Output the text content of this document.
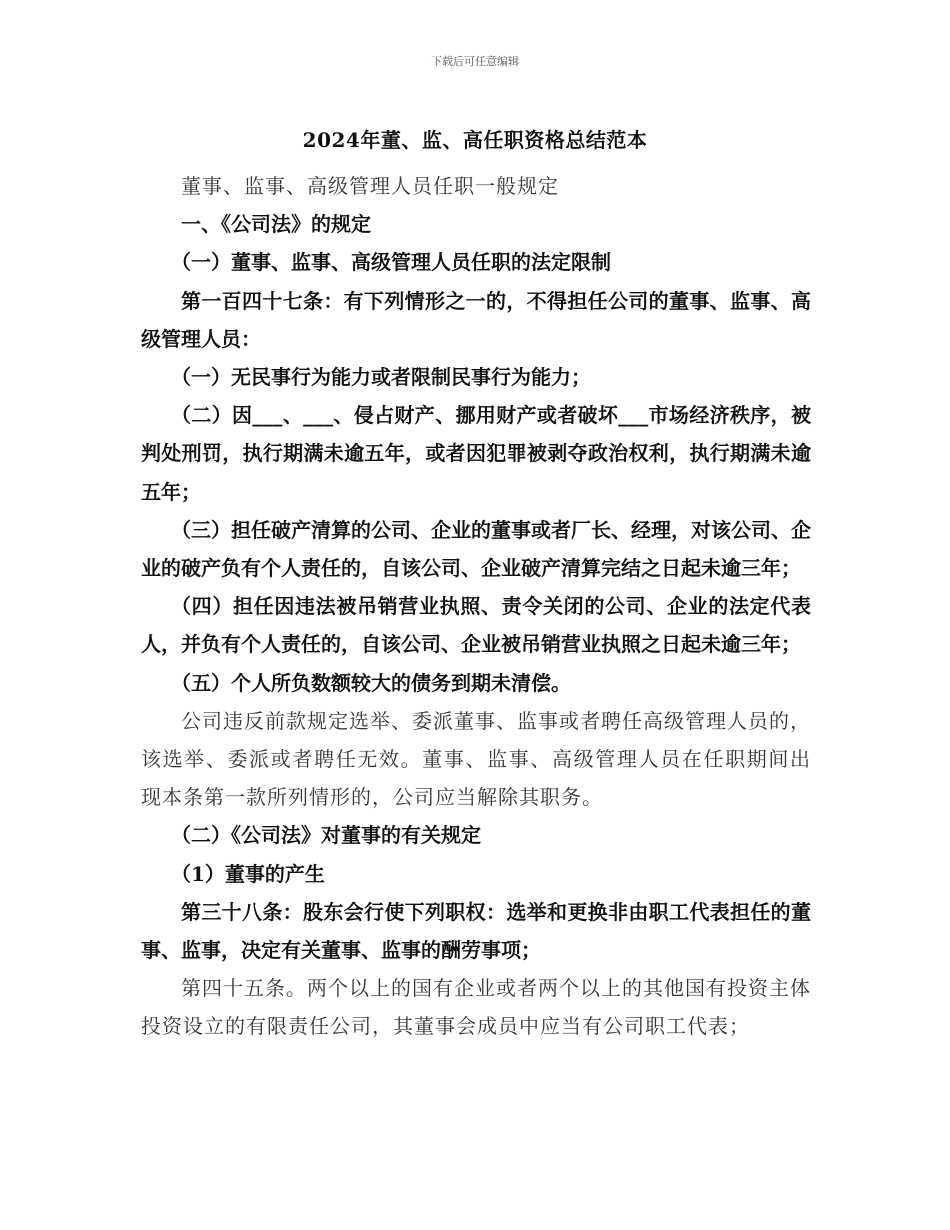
下载后可任意编辑
2024年董、监、高任职资格总结范本

董事、监事、高级管理人员任职一般规定

一、《公司法》的规定

（一）董事、监事、高级管理人员任职的法定限制

第一百四十七条：有下列情形之一的，不得担任公司的董事、监事、高级管理人员：

（一）无民事行为能力或者限制民事行为能力；

（二）因___、___、侵占财产、挪用财产或者破坏___市场经济秩序，被判处刑罚，执行期满未逾五年，或者因犯罪被剥夺政治权利，执行期满未逾五年；

（三）担任破产清算的公司、企业的董事或者厂长、经理，对该公司、企业的破产负有个人责任的，自该公司、企业破产清算完结之日起未逾三年；

（四）担任因违法被吊销营业执照、责令关闭的公司、企业的法定代表人，并负有个人责任的，自该公司、企业被吊销营业执照之日起未逾三年；

（五）个人所负数额较大的债务到期未清偿。

公司违反前款规定选举、委派董事、监事或者聘任高级管理人员的，该选举、委派或者聘任无效。董事、监事、高级管理人员在任职期间出现本条第一款所列情形的，公司应当解除其职务。

（二）《公司法》对董事的有关规定

（1）董事的产生

第三十八条：股东会行使下列职权：选举和更换非由职工代表担任的董事、监事，决定有关董事、监事的酬劳事项；

第四十五条。两个以上的国有企业或者两个以上的其他国有投资主体投资设立的有限责任公司，其董事会成员中应当有公司职工代表；
